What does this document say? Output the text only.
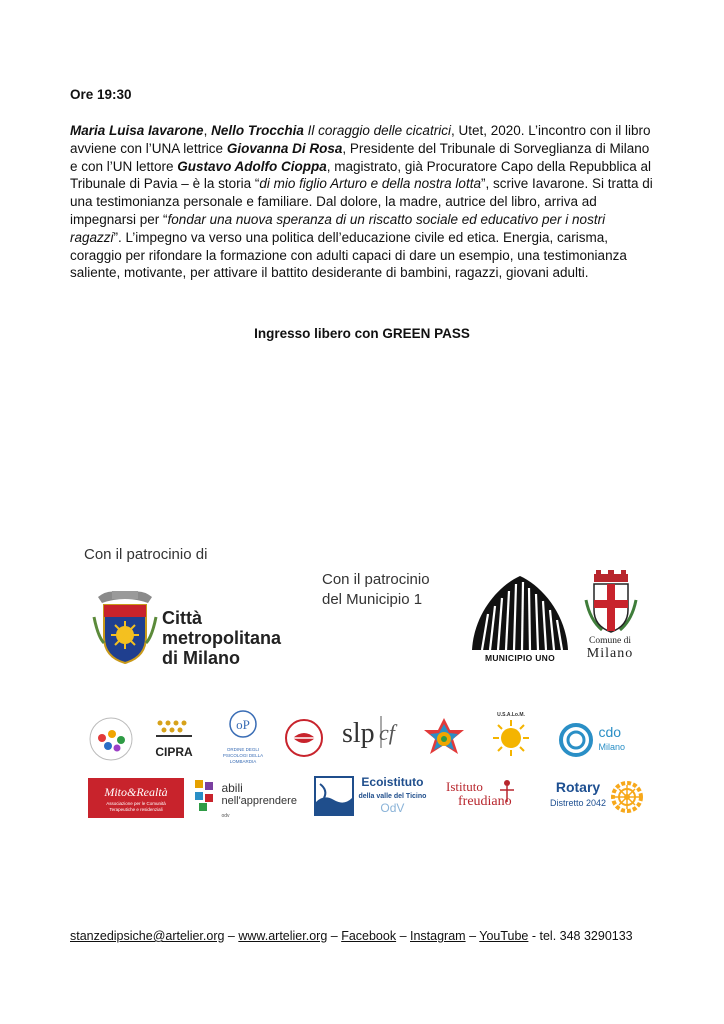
Ore 19:30
Maria Luisa Iavarone, Nello Trocchia Il coraggio delle cicatrici, Utet, 2020. L’incontro con il libro avviene con l’UNA lettrice Giovanna Di Rosa, Presidente del Tribunale di Sorveglianza di Milano e con l’UN lettore Gustavo Adolfo Cioppa, magistrato, già Procuratore Capo della Repubblica al Tribunale di Pavia – è la storia “di mio figlio Arturo e della nostra lotta”, scrive Iavarone. Si tratta di una testimonianza personale e familiare. Dal dolore, la madre, autrice del libro, arriva ad impegnarsi per “fondar una nuova speranza di un riscatto sociale ed educativo per i nostri ragazzi”. L’impegno va verso una politica dell’educazione civile ed etica. Energia, carisma, coraggio per rifondare la formazione con adulti capaci di dare un esempio, una testimonianza saliente, motivante, per attivare il battito desiderante di bambini, ragazzi, giovani adulti.
Ingresso libero con GREEN PASS
Con il patrocinio di
Con il patrocinio
del Municipio 1
Città
metropolitana
di Milano	MUNICIPIO UNO
Comune di
Milano
CIPRA
oP
ORDINE DEGLI PSICOLOGI DELLA LOMBARDIA
slp cf
U.S.A.Lo.M.
cdo
Milano
Mito&Realtà
Associazione per le Comunità Terapeutiche e residenziali
abili
nell'apprendere
odv
Ecoistituto
della valle del Ticino
OdV
Istituto
freudiano
Rotary
Distretto 2042
stanzedipsiche@artelier.org – www.artelier.org – Facebook – Instagram – YouTube - tel. 348 3290133
